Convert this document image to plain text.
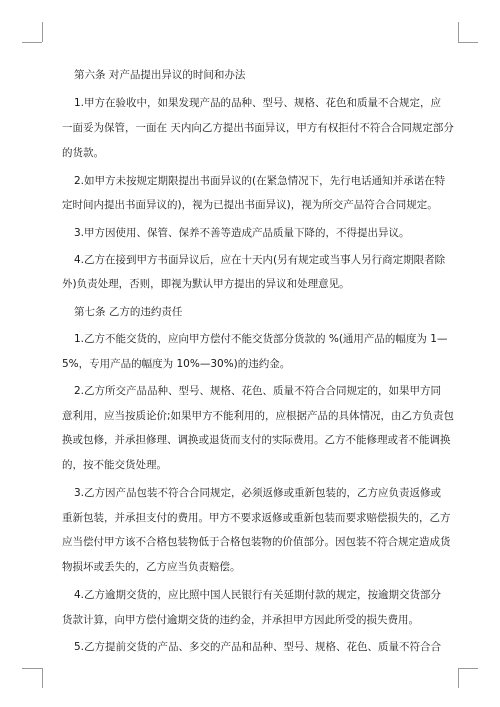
第六条 对产品提出异议的时间和办法
1.甲方在验收中，如果发现产品的品种、型号、规格、花色和质量不合规定，应
一面妥为保管，一面在 天内向乙方提出书面异议，甲方有权拒付不符合合同规定部分
的货款。
2.如甲方未按规定期限提出书面异议的(在紧急情况下，先行电话通知并承诺在特
定时间内提出书面异议的)，视为已提出书面异议)，视为所交产品符合合同规定。
3.甲方因使用、保管、保养不善等造成产品质量下降的，不得提出异议。
4.乙方在接到甲方书面异议后，应在十天内(另有规定或当事人另行商定期限者除
外)负责处理，否则，即视为默认甲方提出的异议和处理意见。
第七条 乙方的违约责任
1.乙方不能交货的，应向甲方偿付不能交货部分货款的 %(通用产品的幅度为 1—
5%，专用产品的幅度为 10%—30%)的违约金。
2.乙方所交产品品种、型号、规格、花色、质量不符合合同规定的，如果甲方同
意利用，应当按质论价;如果甲方不能利用的，应根据产品的具体情况，由乙方负责包
换或包修，并承担修理、调换或退货而支付的实际费用。乙方不能修理或者不能调换
的，按不能交货处理。
3.乙方因产品包装不符合合同规定，必须返修或重新包装的，乙方应负责返修或
重新包装，并承担支付的费用。甲方不要求返修或重新包装而要求赔偿损失的，乙方
应当偿付甲方该不合格包装物低于合格包装物的价值部分。因包装不符合规定造成货
物损坏或丢失的，乙方应当负责赔偿。
4.乙方逾期交货的，应比照中国人民银行有关延期付款的规定，按逾期交货部分
货款计算，向甲方偿付逾期交货的违约金，并承担甲方因此所受的损失费用。
5.乙方提前交货的产品、多交的产品和品种、型号、规格、花色、质量不符合合
